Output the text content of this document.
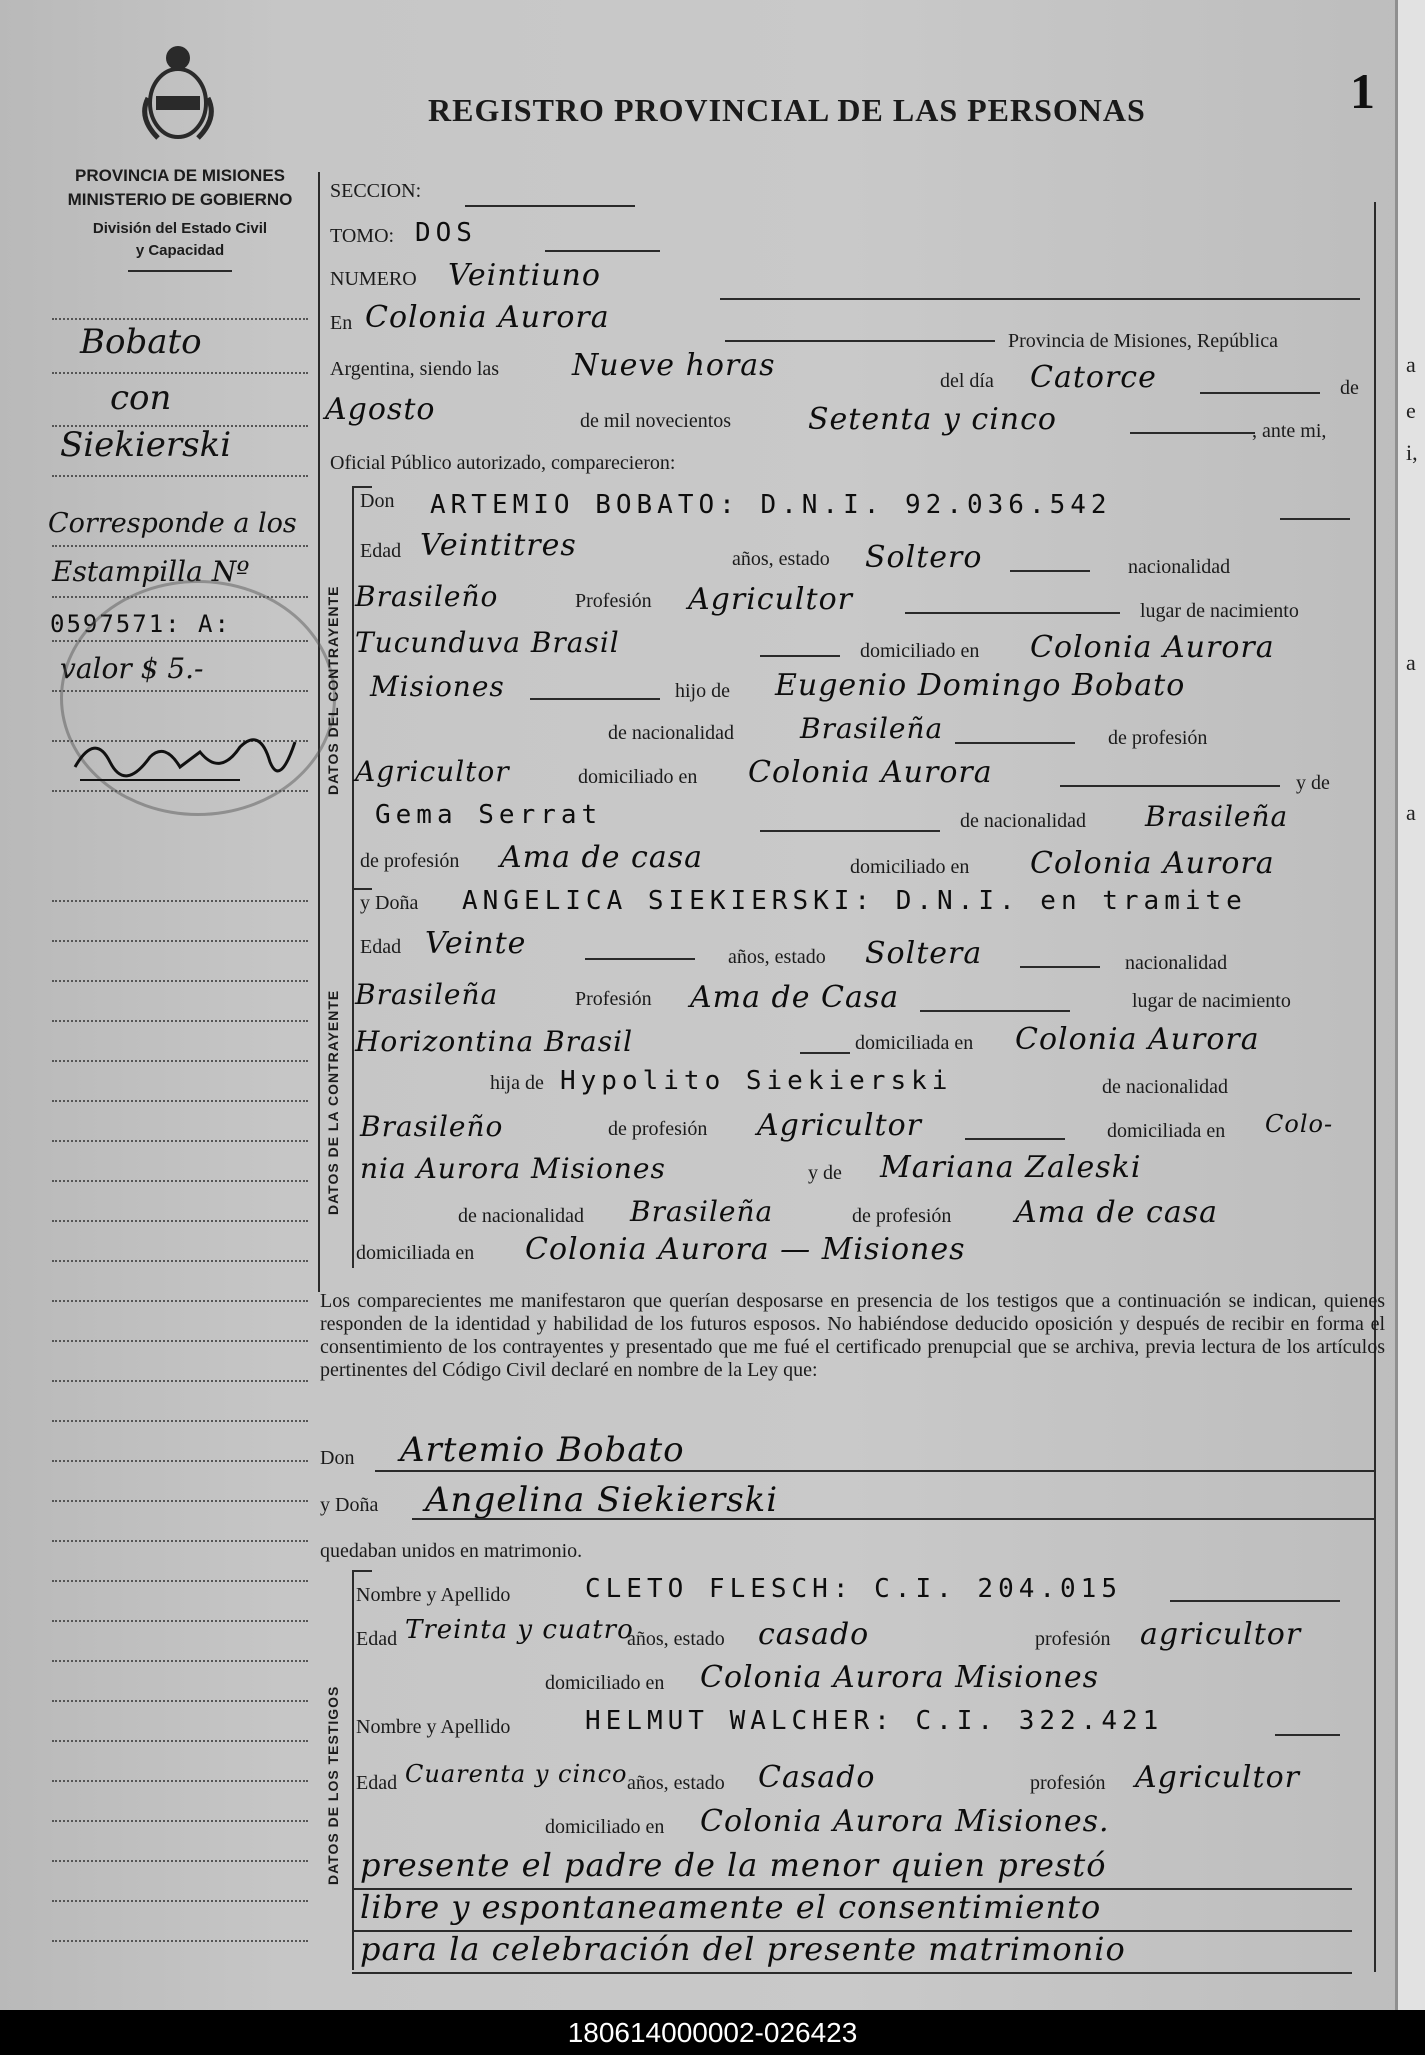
REGISTRO PROVINCIAL DE LAS PERSONAS	1
PROVINCIA DE MISIONES
MINISTERIO DE GOBIERNO
División del Estado Civil
y Capacidad
Bobato
con
Siekierski
Corresponde a los
Estampilla Nº
0597571: A:
valor $ 5.-
SECCION:
TOMO: DOS
NUMERO Veintiuno
En Colonia Aurora
Provincia de Misiones, República
Argentina, siendo las Nueve horas	del día Catorce	de
Agosto	de mil novecientos	Setenta y cinco	, ante mi,
Oficial Público autorizado, comparecieron:
DATOS DEL CONTRAYENTE
Don ARTEMIO BOBATO: D.N.I. 92.036.542
Edad Veintitres	años, estado Soltero	nacionalidad
Brasileño	Profesión Agricultor	lugar de nacimiento
Tucunduva Brasil	domiciliado en Colonia Aurora
Misiones	hijo de Eugenio Domingo Bobato
de nacionalidad Brasileña	de profesión
Agricultor	domiciliado en Colonia Aurora	y de
Gema Serrat	de nacionalidad Brasileña
de profesión Ama de casa	domiciliado en Colonia Aurora
DATOS DE LA CONTRAYENTE
y Doña ANGELICA SIEKIERSKI: D.N.I. en tramite
Edad Veinte	años, estado Soltera	nacionalidad
Brasileña	Profesión Ama de Casa	lugar de nacimiento
Horizontina Brasil	domiciliada en Colonia Aurora
hija de Hypolito Siekierski	de nacionalidad
Brasileño	de profesión Agricultor	domiciliada en Colo-
nia Aurora Misiones	y de Mariana Zaleski
de nacionalidad Brasileña	de profesión Ama de casa
domiciliada en Colonia Aurora — Misiones
Los comparecientes me manifestaron que querían desposarse en presencia de los testigos que a continuación se indican, quienes responden de la identidad y habilidad de los futuros esposos. No habiéndose deducido oposición y después de recibir en forma el consentimiento de los contrayentes y presentado que me fué el certificado prenupcial que se archiva, previa lectura de los artículos pertinentes del Código Civil declaré en nombre de la Ley que:
Don Artemio Bobato
y Doña Angelina Siekierski
quedaban unidos en matrimonio.
DATOS DE LOS TESTIGOS
Nombre y Apellido	CLETO FLESCH: C.I. 204.015
Edad Treinta y cuatro
años, estado casado	profesión agricultor
domiciliado en Colonia Aurora Misiones
Nombre y Apellido	HELMUT WALCHER: C.I. 322.421
Edad Cuarenta y cinco años, estado Casado	profesión Agricultor
domiciliado en Colonia Aurora Misiones.
presente el padre de la menor quien prestó
libre y espontaneamente el consentimiento
para la celebración del presente matrimonio
a
e
i,
a
a
180614000002-026423
